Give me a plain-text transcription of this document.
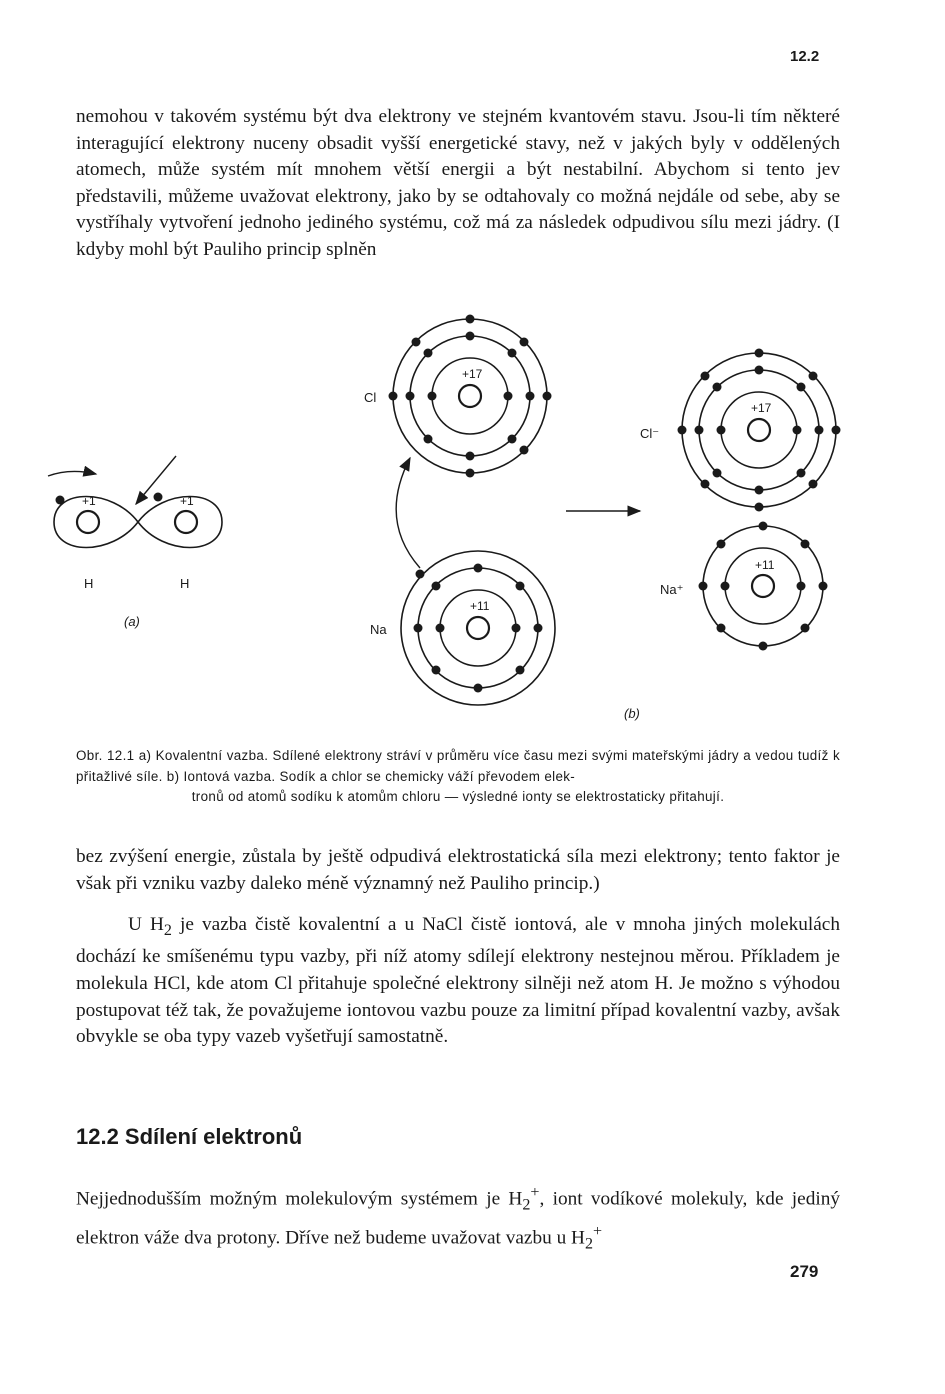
12.2
nemohou v takovém systému být dva elektrony ve stejném kvantovém stavu. Jsou-li tím některé interagující elektrony nuceny obsadit vyšší energetické stavy, než v jakých byly v oddělených atomech, může systém mít mnohem větší energii a být nestabilní. Abychom si tento jev představili, můžeme uvažovat elektrony, jako by se odtahovaly co možná nejdále od sebe, aby se vystříhaly vytvoření jednoho jediného systému, což má za následek odpudivou sílu mezi jádry. (I kdyby mohl být Pauliho princip splněn
+1	+1
H	H
(a)
+17
Cl
+11
Na
+17
Cl⁻
+11
Na⁺
(b)
Obr. 12.1 a) Kovalentní vazba. Sdílené elektrony stráví v průměru více času mezi svými mateřskými jádry a vedou tudíž k přitažlivé síle. b) Iontová vazba. Sodík a chlor se chemicky váží převodem elek-
tronů od atomů sodíku k atomům chloru — výsledné ionty se elektrostaticky přitahují.
bez zvýšení energie, zůstala by ještě odpudivá elektrostatická síla mezi elektrony; tento faktor je však při vzniku vazby daleko méně významný než Pauliho princip.)
U $H_2$ je vazba čistě kovalentní a u NaCl čistě iontová, ale v mnoha jiných molekulách dochází ke smíšenému typu vazby, při níž atomy sdílejí elektrony nestejnou měrou. Příkladem je molekula HCl, kde atom Cl přitahuje společné elektrony silněji než atom H. Je možno s výhodou postupovat též tak, že považujeme iontovou vazbu pouze za limitní případ kovalentní vazby, avšak obvykle se oba typy vazeb vyšetřují samostatně.
12.2 Sdílení elektronů
Nejjednodušším možným molekulovým systémem je $H_2^+$, iont vodíkové molekuly, kde jediný elektron váže dva protony. Dříve než budeme uvažovat vazbu u $H_2^+$
279
